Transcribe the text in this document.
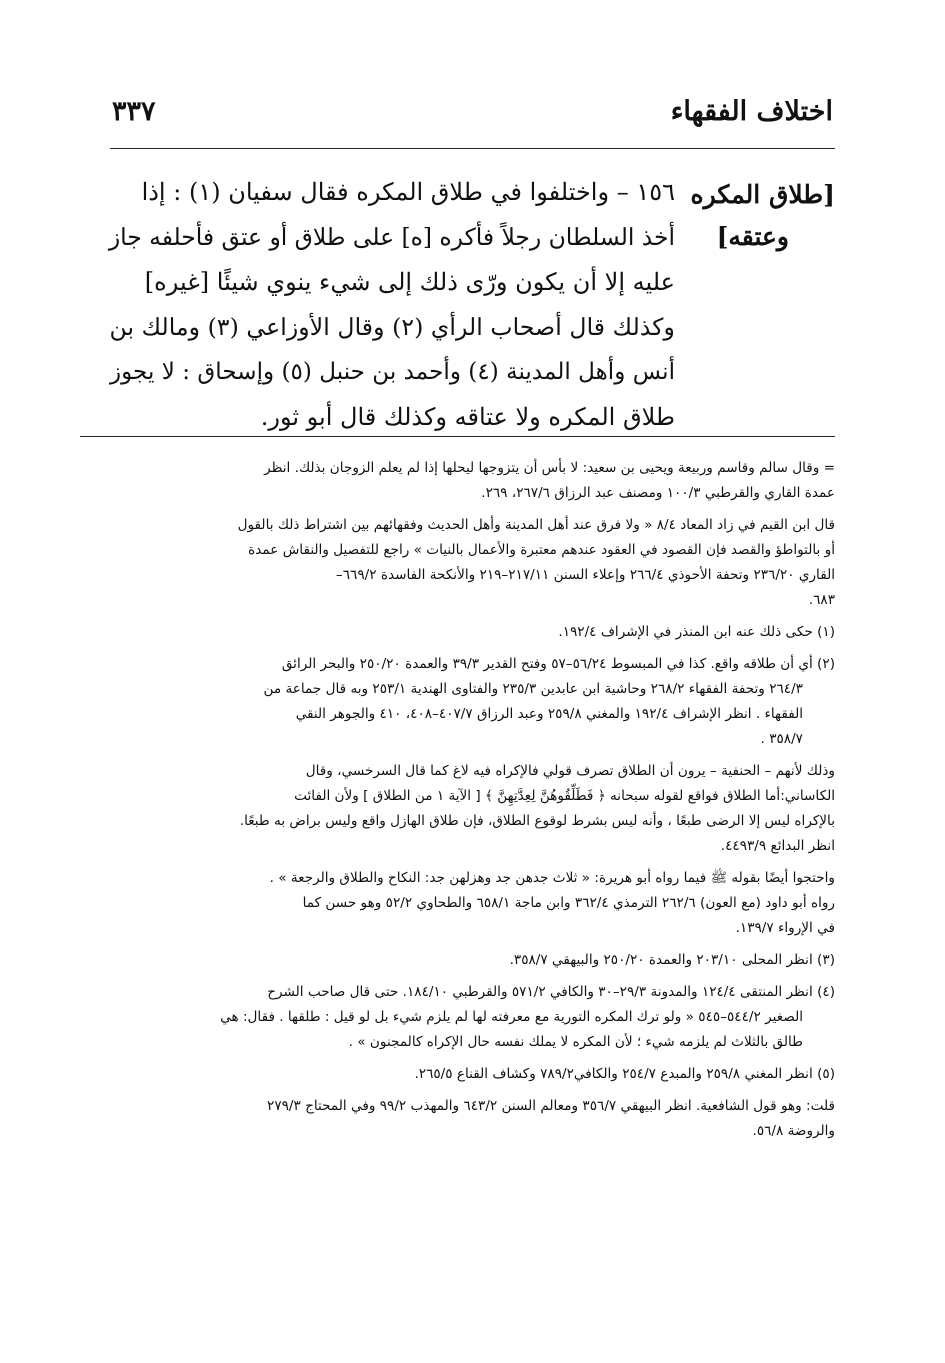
اختلاف الفقهاء
٣٣٧
[طلاق المكره
وعتقه]
١٥٦ – واختلفوا في طلاق المكره فقال سفيان (١) : إذا
أخذ السلطان رجلاً فأكره [ه] على طلاق أو عتق فأحلفه جاز
عليه إلا أن يكون ورّى ذلك إلى شيء ينوي شيئًا [غيره]
وكذلك قال أصحاب الرأي (٢) وقال الأوزاعي (٣) ومالك بن
أنس وأهل المدينة (٤) وأحمد بن حنبل (٥) وإسحاق : لا يجوز
طلاق المكره ولا عتاقه وكذلك قال أبو ثور.
= وقال سالم وقاسم وربيعة ويحيى بن سعيد: لا بأس أن يتزوجها ليحلها إذا لم يعلم الزوجان بذلك. انظر
عمدة القاري والقرطبي ١٠٠/٣ ومصنف عبد الرزاق ٢٦٧/٦، ٢٦٩.
قال ابن القيم في زاد المعاد ٨/٤ « ولا فرق عند أهل المدينة وأهل الحديث وفقهائهم بين اشتراط ذلك بالقول
أو بالتواطؤ والقصد فإن القصود في العقود عندهم معتبرة والأعمال بالنيات » راجع للتفصيل والنقاش عمدة
القاري ٢٣٦/٢٠ وتحفة الأحوذي ٢٦٦/٤ وإعلاء السنن ٢١٧/١١–٢١٩ والأنكحة الفاسدة ٦٦٩/٢–
٦٨٣.
(١) حكى ذلك عنه ابن المنذر في الإشراف ١٩٢/٤.
(٢) أي أن طلاقه واقع. كذا في المبسوط ٥٦/٢٤–٥٧ وفتح القدير ٣٩/٣ والعمدة ٢٥٠/٢٠ والبحر الرائق
٢٦٤/٣ وتحفة الفقهاء ٢٦٨/٢ وحاشية ابن عابدين ٢٣٥/٣ والفتاوى الهندية ٢٥٣/١ وبه قال جماعة من
الفقهاء . انظر الإشراف ١٩٢/٤ والمغني ٢٥٩/٨ وعبد الرزاق ٤٠٧/٧–٤٠٨، ٤١٠ والجوهر النقي
٣٥٨/٧ .
وذلك لأنهم – الحنفية – يرون أن الطلاق تصرف قولي فالإكراه فيه لاغ كما قال السرخسي، وقال
الكاساني:أما الطلاق فواقع لقوله سبحانه ﴿ فَطَلِّقُوهُنَّ لِعِدَّتِهِنَّ ﴾ [ الآية ١ من الطلاق ] ولأن الفائت
بالإكراه ليس إلا الرضى طبعًا ، وأنه ليس بشرط لوقوع الطلاق، فإن طلاق الهازل واقع وليس براض به طبعًا.
انظر البدائع ٤٤٩٣/٩.
واحتجوا أيضًا بقوله ﷺ فيما رواه أبو هريرة: « ثلاث جدهن جد وهزلهن جد: النكاح والطلاق والرجعة » .
رواه أبو داود (مع العون) ٢٦٢/٦ الترمذي ٣٦٢/٤ وابن ماجة ٦٥٨/١ والطحاوي ٥٢/٢ وهو حسن كما
في الإرواء ١٣٩/٧.
(٣) انظر المحلى ٢٠٣/١٠ والعمدة ٢٥٠/٢٠ والبيهقي ٣٥٨/٧.
(٤) انظر المنتقى ١٢٤/٤ والمدونة ٢٩/٣–٣٠ والكافي ٥٧١/٢ والقرطبي ١٨٤/١٠. حتى قال صاحب الشرح
الصغير ٥٤٤/٢–٥٤٥ « ولو ترك المكره التورية مع معرفته لها لم يلزم شيء بل لو قيل : طلقها . فقال: هي
طالق بالثلاث لم يلزمه شيء ؛ لأن المكره لا يملك نفسه حال الإكراه كالمجنون » .
(٥) انظر المغني ٢٥٩/٨ والمبدع ٢٥٤/٧ والكافي٧٨٩/٢ وكشاف القناع ٢٦٥/٥.
قلت: وهو قول الشافعية. انظر البيهقي ٣٥٦/٧ ومعالم السنن ٦٤٣/٢ والمهذب ٩٩/٢ وفي المحتاج ٢٧٩/٣
والروضة ٥٦/٨.
